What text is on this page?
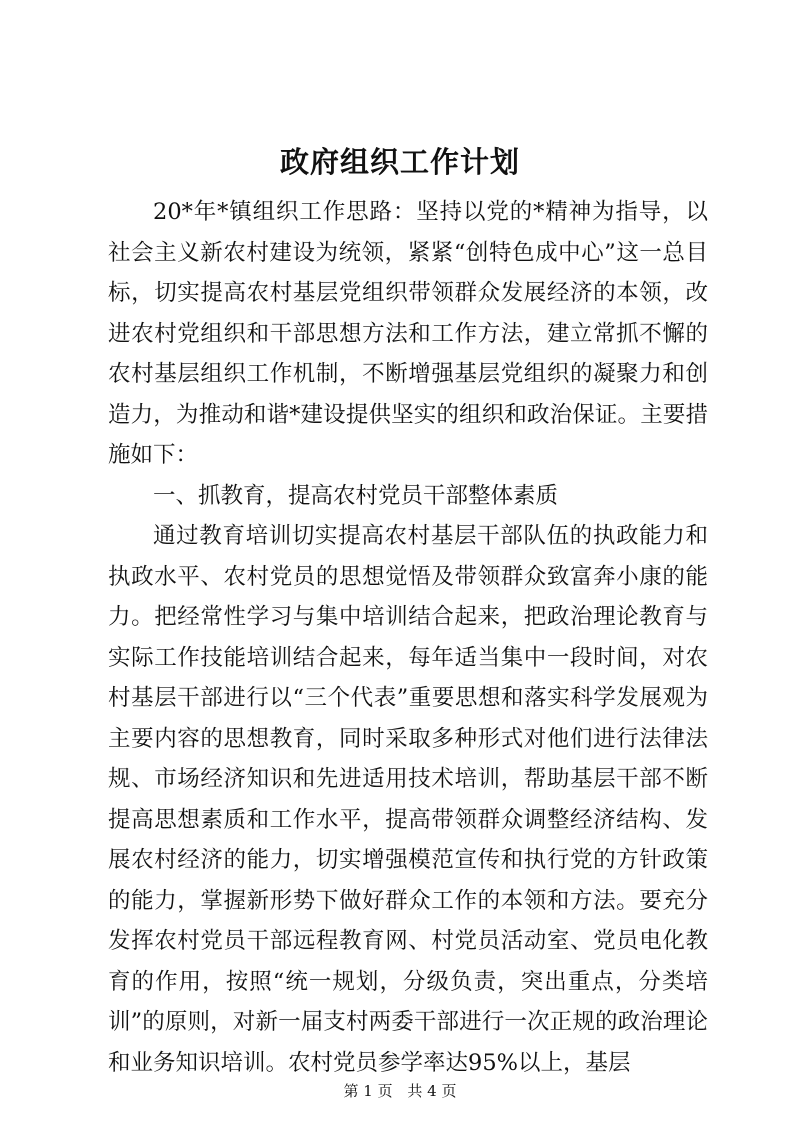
政府组织工作计划

20*年*镇组织工作思路：坚持以党的*精神为指导，以社会主义新农村建设为统领，紧紧“创特色成中心”这一总目标，切实提高农村基层党组织带领群众发展经济的本领，改进农村党组织和干部思想方法和工作方法，建立常抓不懈的农村基层组织工作机制，不断增强基层党组织的凝聚力和创造力，为推动和谐*建设提供坚实的组织和政治保证。主要措施如下：

一、抓教育，提高农村党员干部整体素质

通过教育培训切实提高农村基层干部队伍的执政能力和执政水平、农村党员的思想觉悟及带领群众致富奔小康的能力。把经常性学习与集中培训结合起来，把政治理论教育与实际工作技能培训结合起来，每年适当集中一段时间，对农村基层干部进行以“三个代表”重要思想和落实科学发展观为主要内容的思想教育，同时采取多种形式对他们进行法律法规、市场经济知识和先进适用技术培训，帮助基层干部不断提高思想素质和工作水平，提高带领群众调整经济结构、发展农村经济的能力，切实增强模范宣传和执行党的方针政策的能力，掌握新形势下做好群众工作的本领和方法。要充分发挥农村党员干部远程教育网、村党员活动室、党员电化教育的作用，按照“统一规划，分级负责，突出重点，分类培训”的原则，对新一届支村两委干部进行一次正规的政治理论和业务知识培训。农村党员参学率达95%以上，基层

第 1 页 共 4 页
